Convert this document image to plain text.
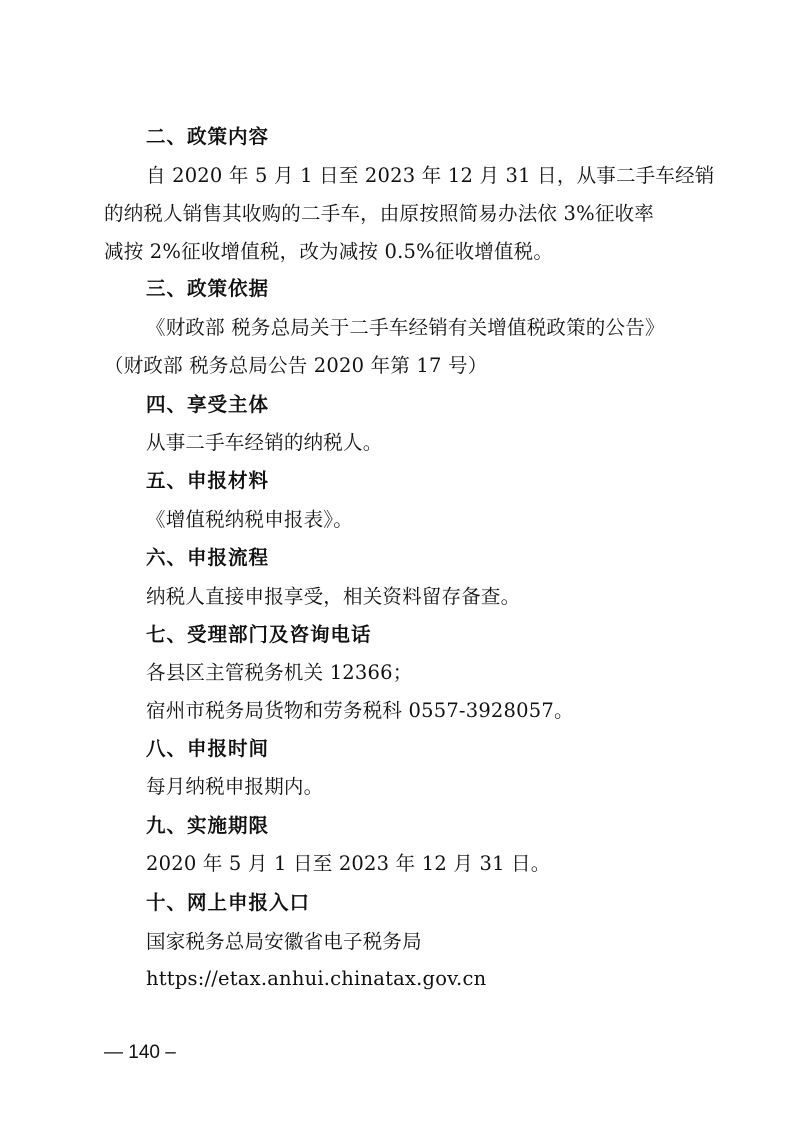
二、政策内容
自 2020 年 5 月 1 日至 2023 年 12 月 31 日，从事二手车经销
的纳税人销售其收购的二手车，由原按照简易办法依 3%征收率
减按 2%征收增值税，改为减按 0.5%征收增值税。
三、政策依据
《财政部 税务总局关于二手车经销有关增值税政策的公告》
（财政部 税务总局公告 2020 年第 17 号）
四、享受主体
从事二手车经销的纳税人。
五、申报材料
《增值税纳税申报表》。
六、申报流程
纳税人直接申报享受，相关资料留存备查。
七、受理部门及咨询电话
各县区主管税务机关 12366；
宿州市税务局货物和劳务税科 0557-3928057。
八、申报时间
每月纳税申报期内。
九、实施期限
2020 年 5 月 1 日至 2023 年 12 月 31 日。
十、网上申报入口
国家税务总局安徽省电子税务局
https://etax.anhui.chinatax.gov.cn
— 140 –
